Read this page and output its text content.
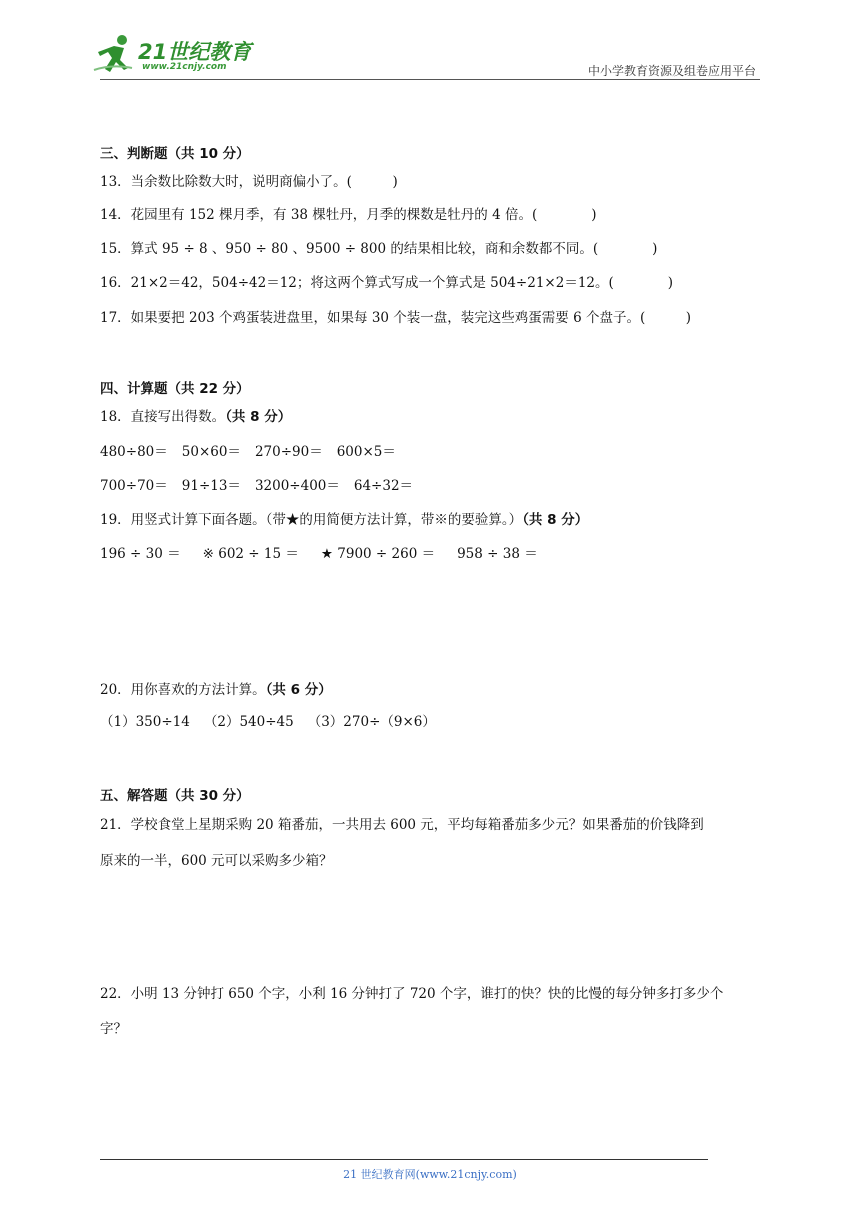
21世纪教育
www.21cnjy.com	中小学教育资源及组卷应用平台
三、判断题（共 10 分）
13．当余数比除数大时，说明商偏小了。(　　　)
14．花园里有 152 棵月季，有 38 棵牡丹，月季的棵数是牡丹的 4 倍。(　　　　)
15．算式 95 ÷ 8 、950 ÷ 80 、9500 ÷ 800 的结果相比较，商和余数都不同。(　　　　)
16．21×2＝42，504÷42＝12；将这两个算式写成一个算式是 504÷21×2＝12。(　　　　)
17．如果要把 203 个鸡蛋装进盘里，如果每 30 个装一盘，装完这些鸡蛋需要 6 个盘子。(　　　)
四、计算题（共 22 分）
18．直接写出得数。（共 8 分）
480÷80＝ 50×60＝ 270÷90＝ 600×5＝
700÷70＝ 91÷13＝ 3200÷400＝ 64÷32＝
19．用竖式计算下面各题。（带★的用简便方法计算，带※的要验算。）（共 8 分）
196 ÷ 30 ＝ ※ 602 ÷ 15 ＝ ★ 7900 ÷ 260 ＝ 958 ÷ 38 ＝
20．用你喜欢的方法计算。（共 6 分）
（1）350÷14 （2）540÷45 （3）270÷（9×6）
五、解答题（共 30 分）
21．学校食堂上星期采购 20 箱番茄，一共用去 600 元，平均每箱番茄多少元？如果番茄的价钱降到
原来的一半，600 元可以采购多少箱？
22．小明 13 分钟打 650 个字，小利 16 分钟打了 720 个字，谁打的快？快的比慢的每分钟多打多少个
字？
21 世纪教育网(www.21cnjy.com)
